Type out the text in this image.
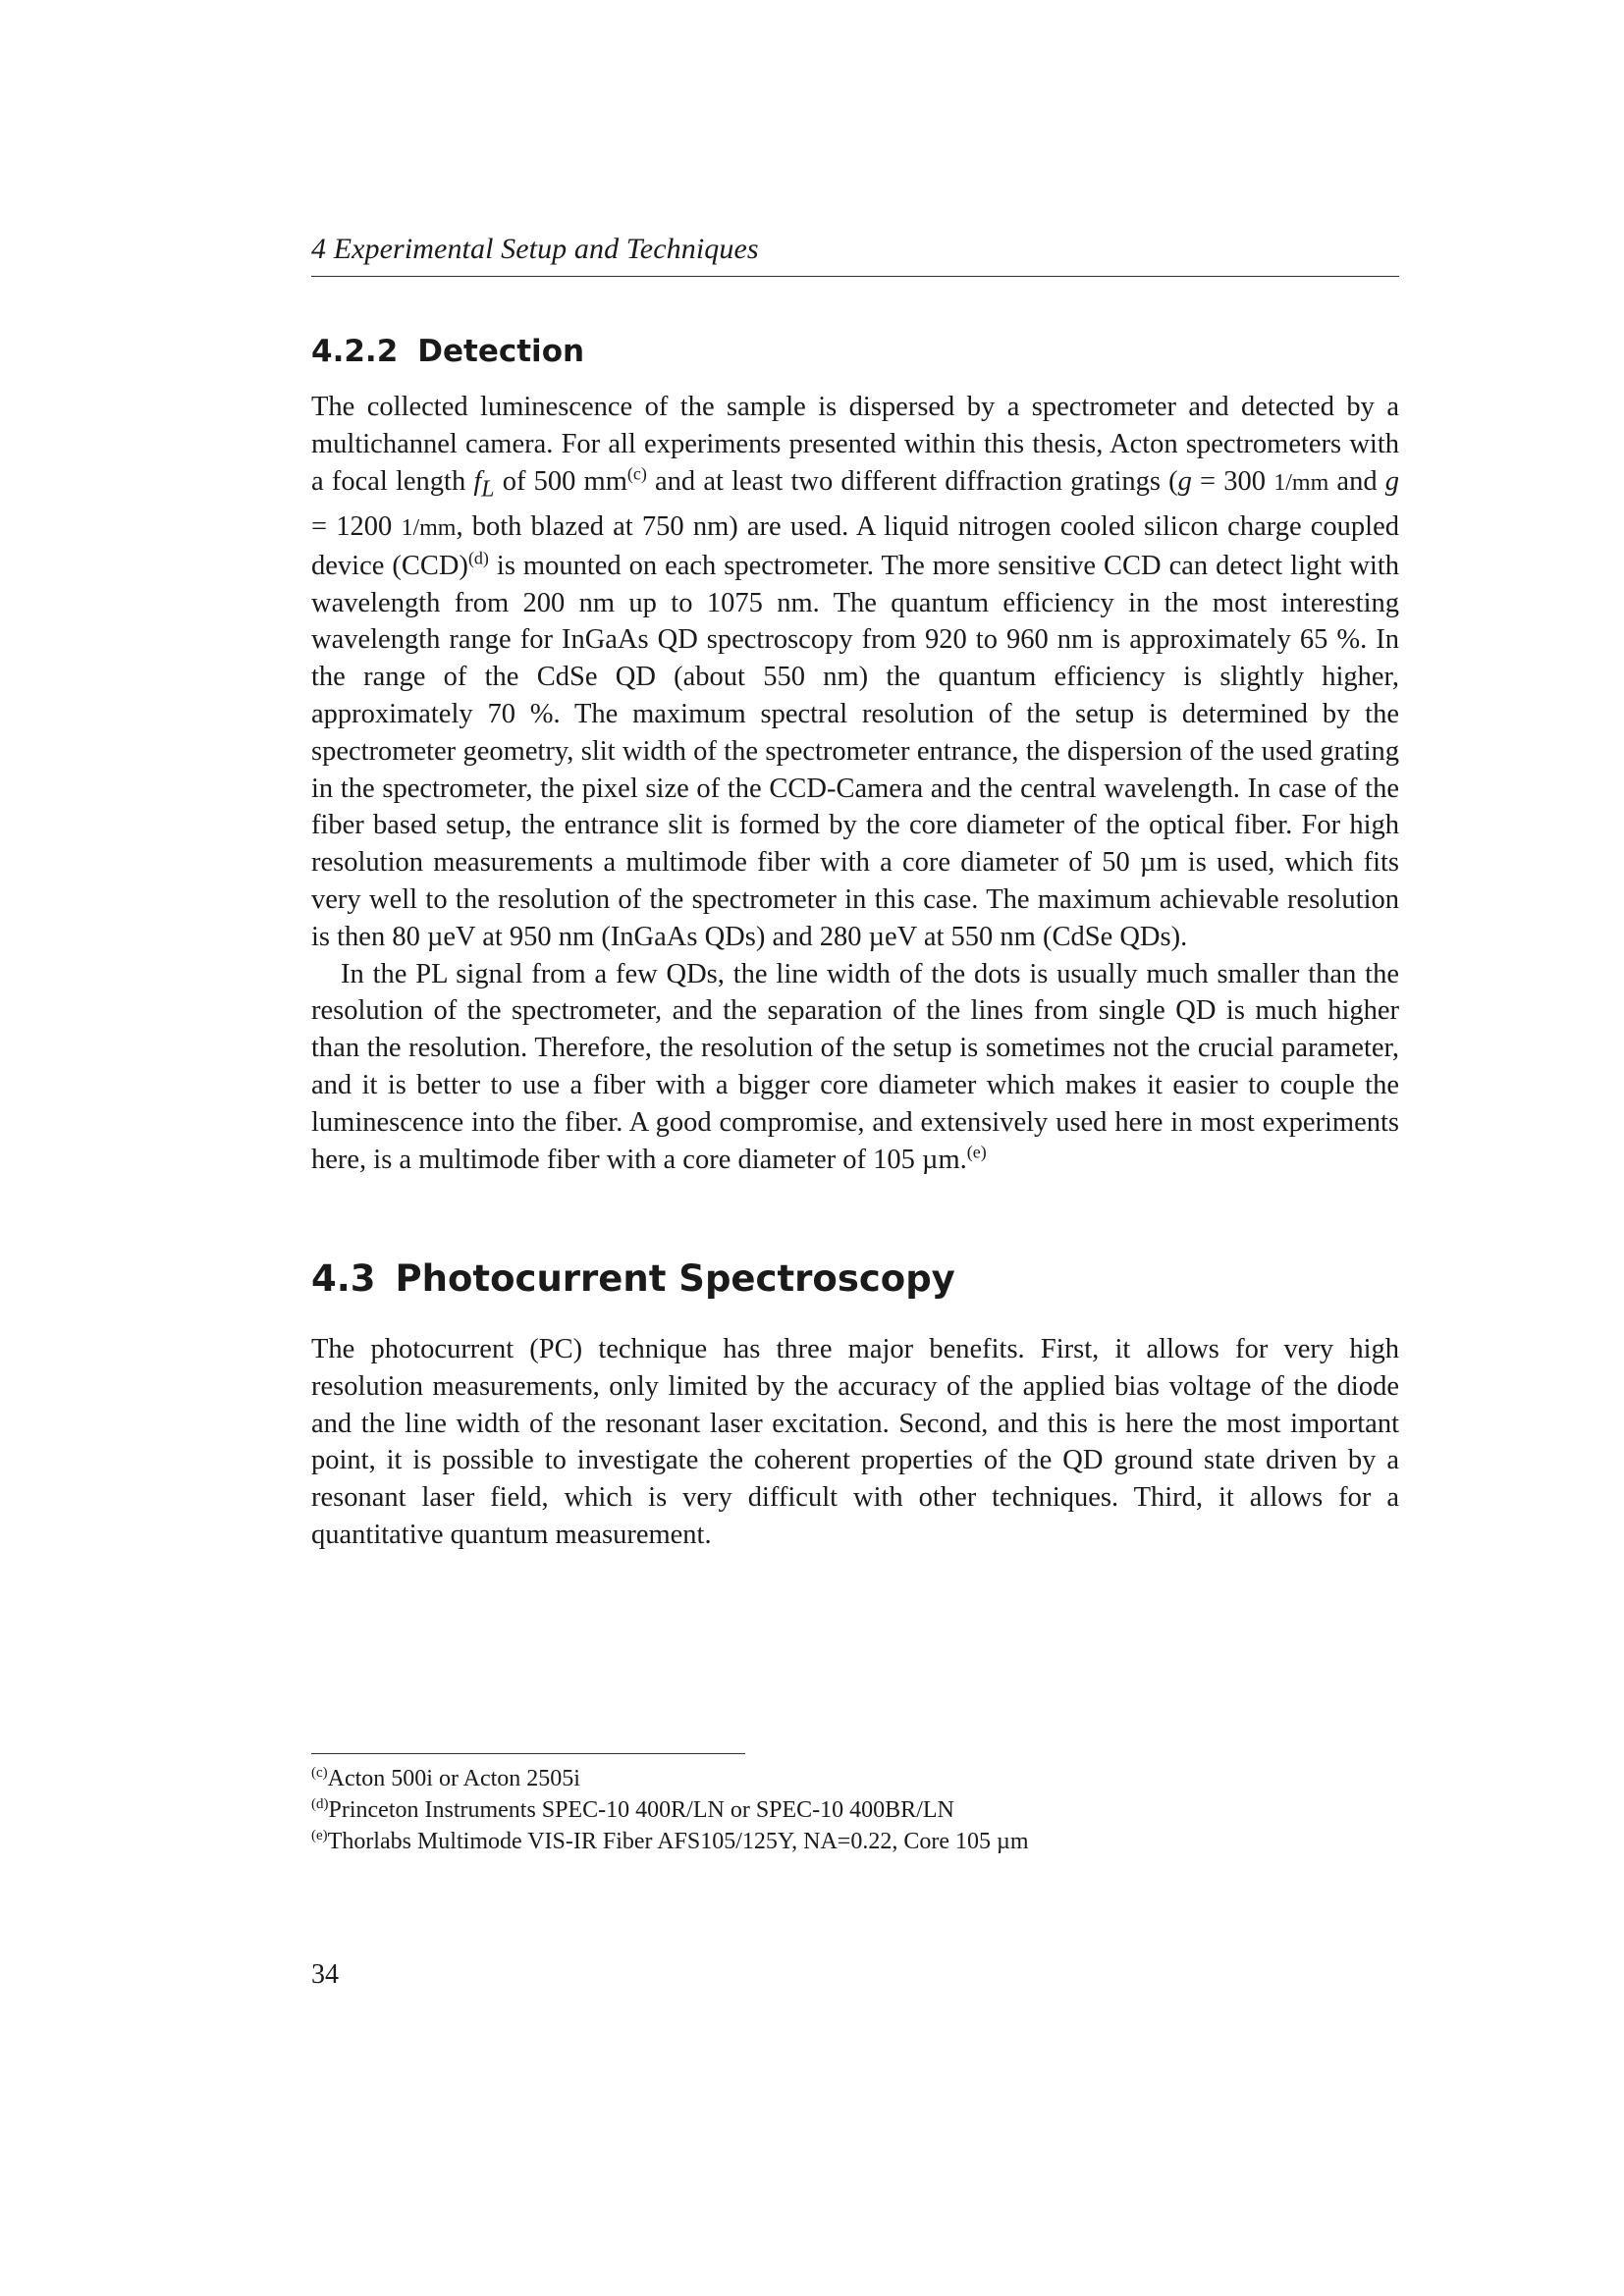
4 Experimental Setup and Techniques
4.2.2 Detection

The collected luminescence of the sample is dispersed by a spectrometer and detected by a multichannel camera. For all experiments presented within this thesis, Acton spectrometers with a focal length $f_L$ of 500 mm$^{(c)}$ and at least two different diffraction gratings (g = 300 1/mm and g = 1200 1/mm, both blazed at 750 nm) are used. A liquid nitrogen cooled silicon charge coupled device (CCD)$^{(d)}$ is mounted on each spectrometer. The more sensitive CCD can detect light with wavelength from 200 nm up to 1075 nm. The quantum efficiency in the most interesting wavelength range for InGaAs QD spectroscopy from 920 to 960 nm is approximately 65 %. In the range of the CdSe QD (about 550 nm) the quantum efficiency is slightly higher, approximately 70 %. The maximum spectral resolution of the setup is determined by the spectrometer geometry, slit width of the spectrometer entrance, the dispersion of the used grating in the spectrometer, the pixel size of the CCD-Camera and the central wavelength. In case of the fiber based setup, the entrance slit is formed by the core diameter of the optical fiber. For high resolution measurements a multimode fiber with a core diameter of 50 µm is used, which fits very well to the resolution of the spectrometer in this case. The maximum achievable resolution is then 80 µeV at 950 nm (InGaAs QDs) and 280 µeV at 550 nm (CdSe QDs).

In the PL signal from a few QDs, the line width of the dots is usually much smaller than the resolution of the spectrometer, and the separation of the lines from single QD is much higher than the resolution. Therefore, the resolution of the setup is sometimes not the crucial parameter, and it is better to use a fiber with a bigger core diameter which makes it easier to couple the luminescence into the fiber. A good compromise, and extensively used here in most experiments here, is a multimode fiber with a core diameter of 105 µm.$^{(e)}$

4.3 Photocurrent Spectroscopy

The photocurrent (PC) technique has three major benefits. First, it allows for very high resolution measurements, only limited by the accuracy of the applied bias voltage of the diode and the line width of the resonant laser excitation. Second, and this is here the most important point, it is possible to investigate the coherent properties of the QD ground state driven by a resonant laser field, which is very difficult with other techniques. Third, it allows for a quantitative quantum measurement.

$^{(c)}$Acton 500i or Acton 2505i
$^{(d)}$Princeton Instruments SPEC-10 400R/LN or SPEC-10 400BR/LN
$^{(e)}$Thorlabs Multimode VIS-IR Fiber AFS105/125Y, NA=0.22, Core 105 µm
34
